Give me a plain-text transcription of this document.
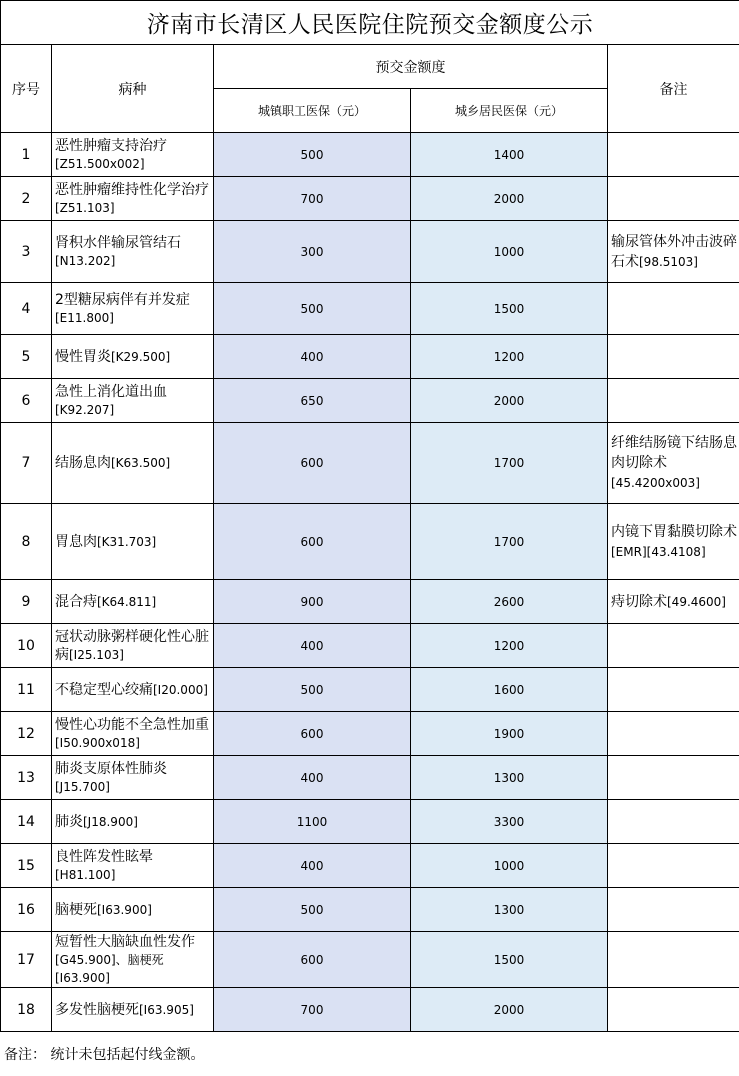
济南市长清区人民医院住院预交金额度公示				
序号	病种	预交金额度		备注
		城镇职工医保（元）	城乡居民医保（元）	
1	恶性肿瘤支持治疗[Z51.500x002]	500	1400	
2	恶性肿瘤维持性化学治疗[Z51.103]	700	2000	
3	肾积水伴输尿管结石[N13.202]	300	1000	输尿管体外冲击波碎石术[98.5103]
4	2型糖尿病伴有并发症[E11.800]	500	1500	
5	慢性胃炎[K29.500]	400	1200	
6	急性上消化道出血[K92.207]	650	2000	
7	结肠息肉[K63.500]	600	1700	纤维结肠镜下结肠息肉切除术[45.4200x003]
8	胃息肉[K31.703]	600	1700	内镜下胃黏膜切除术[EMR][43.4108]
9	混合痔[K64.811]	900	2600	痔切除术[49.4600]
10	冠状动脉粥样硬化性心脏病[I25.103]	400	1200	
11	不稳定型心绞痛[I20.000]	500	1600	
12	慢性心功能不全急性加重[I50.900x018]	600	1900	
13	肺炎支原体性肺炎[J15.700]	400	1300	
14	肺炎[J18.900]	1100	3300	
15	良性阵发性眩晕[H81.100]	400	1000	
16	脑梗死[I63.900]	500	1300	
17	短暂性大脑缺血性发作[G45.900]、脑梗死[I63.900]	600	1500	
18	多发性脑梗死[I63.905]	700	2000	
备注： 统计未包括起付线金额。
